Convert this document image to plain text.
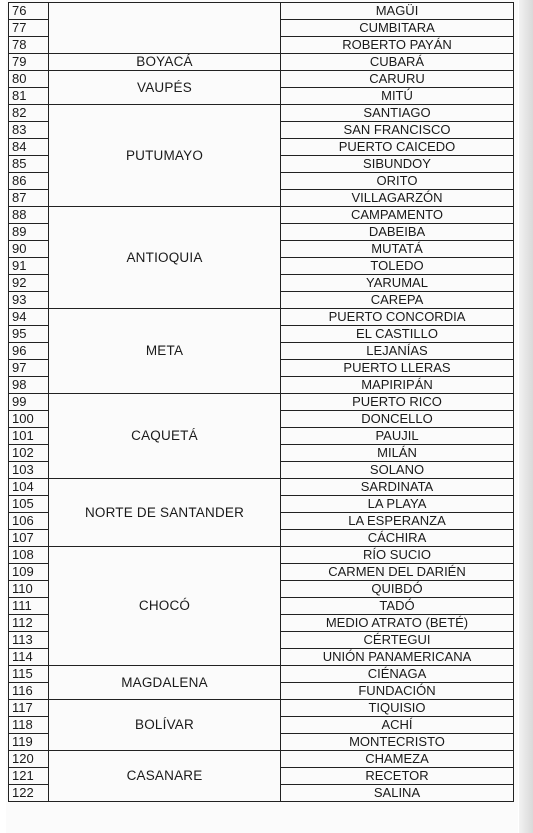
76		MAGÜI
77		CUMBITARA
78		ROBERTO PAYÁN
79	BOYACÁ	CUBARÁ
80	VAUPÉS	CARURU
81		MITÚ
82	PUTUMAYO	SANTIAGO
83		SAN FRANCISCO
84		PUERTO CAICEDO
85		SIBUNDOY
86		ORITO
87		VILLAGARZÓN
88	ANTIOQUIA	CAMPAMENTO
89		DABEIBA
90		MUTATÁ
91		TOLEDO
92		YARUMAL
93		CAREPA
94	META	PUERTO CONCORDIA
95		EL CASTILLO
96		LEJANÍAS
97		PUERTO LLERAS
98		MAPIRIPÁN
99	CAQUETÁ	PUERTO RICO
100		DONCELLO
101		PAUJIL
102		MILÁN
103		SOLANO
104	NORTE DE SANTANDER	SARDINATA
105		LA PLAYA
106		LA ESPERANZA
107		CÁCHIRA
108	CHOCÓ	RÍO SUCIO
109		CARMEN DEL DARIÉN
110		QUIBDÓ
111		TADÓ
112		MEDIO ATRATO (BETÉ)
113		CÉRTEGUI
114		UNIÓN PANAMERICANA
115	MAGDALENA	CIÉNAGA
116		FUNDACIÓN
117	BOLÍVAR	TIQUISIO
118		ACHÍ
119		MONTECRISTO
120	CASANARE	CHAMEZA
121		RECETOR
122		SALINA
